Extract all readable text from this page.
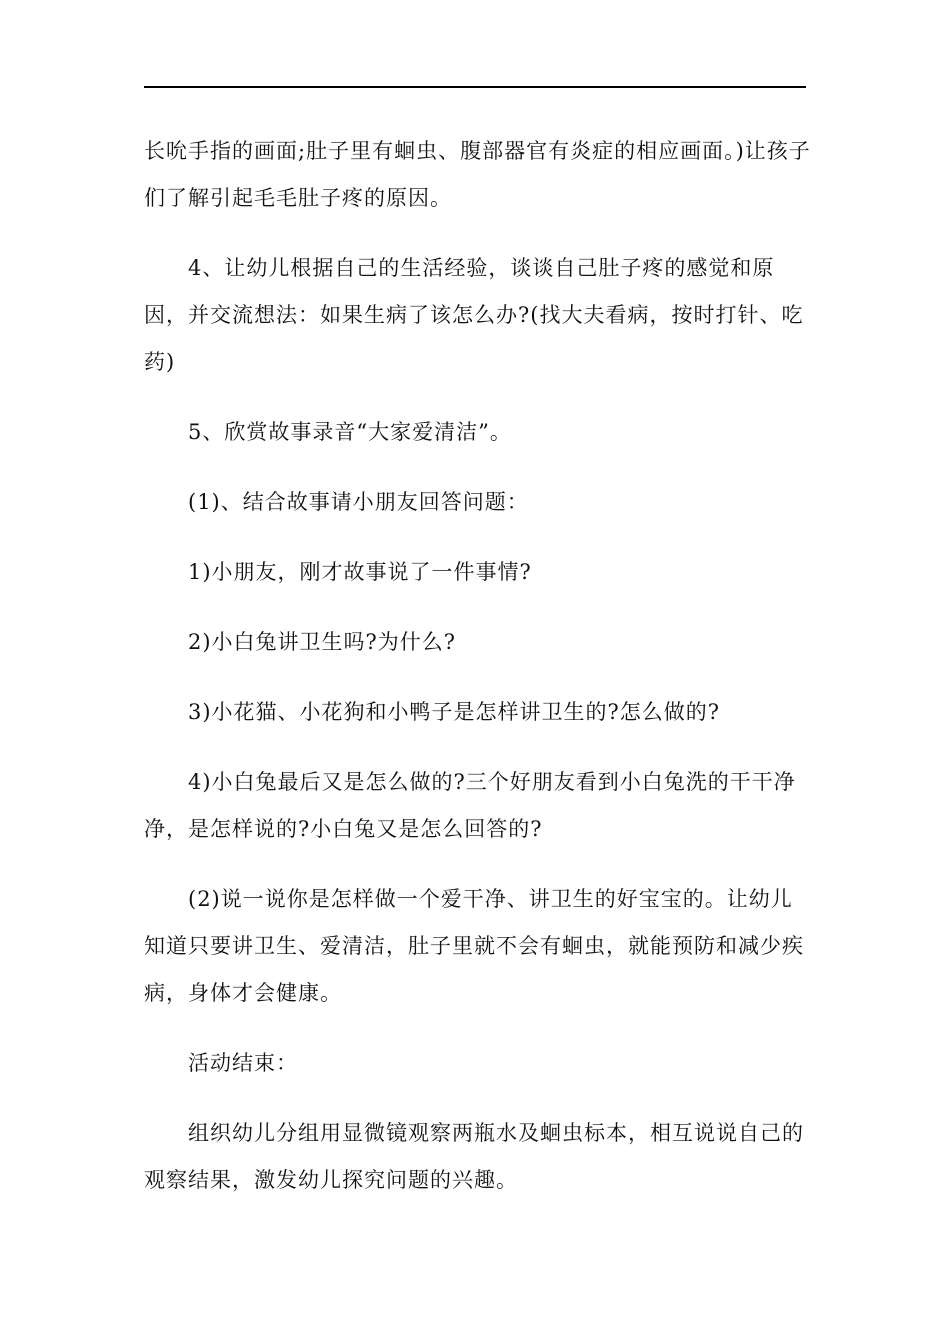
长吮手指的画面;肚子里有蛔虫、腹部器官有炎症的相应画面。)让孩子们了解引起毛毛肚子疼的原因。

4、让幼儿根据自己的生活经验，谈谈自己肚子疼的感觉和原因，并交流想法：如果生病了该怎么办?(找大夫看病，按时打针、吃药)

5、欣赏故事录音“大家爱清洁”。

(1)、结合故事请小朋友回答问题：

1)小朋友，刚才故事说了一件事情?

2)小白兔讲卫生吗?为什么?

3)小花猫、小花狗和小鸭子是怎样讲卫生的?怎么做的?

4)小白兔最后又是怎么做的?三个好朋友看到小白兔洗的干干净净，是怎样说的?小白兔又是怎么回答的?

(2)说一说你是怎样做一个爱干净、讲卫生的好宝宝的。让幼儿知道只要讲卫生、爱清洁，肚子里就不会有蛔虫，就能预防和减少疾病，身体才会健康。

活动结束：

组织幼儿分组用显微镜观察两瓶水及蛔虫标本，相互说说自己的观察结果，激发幼儿探究问题的兴趣。
